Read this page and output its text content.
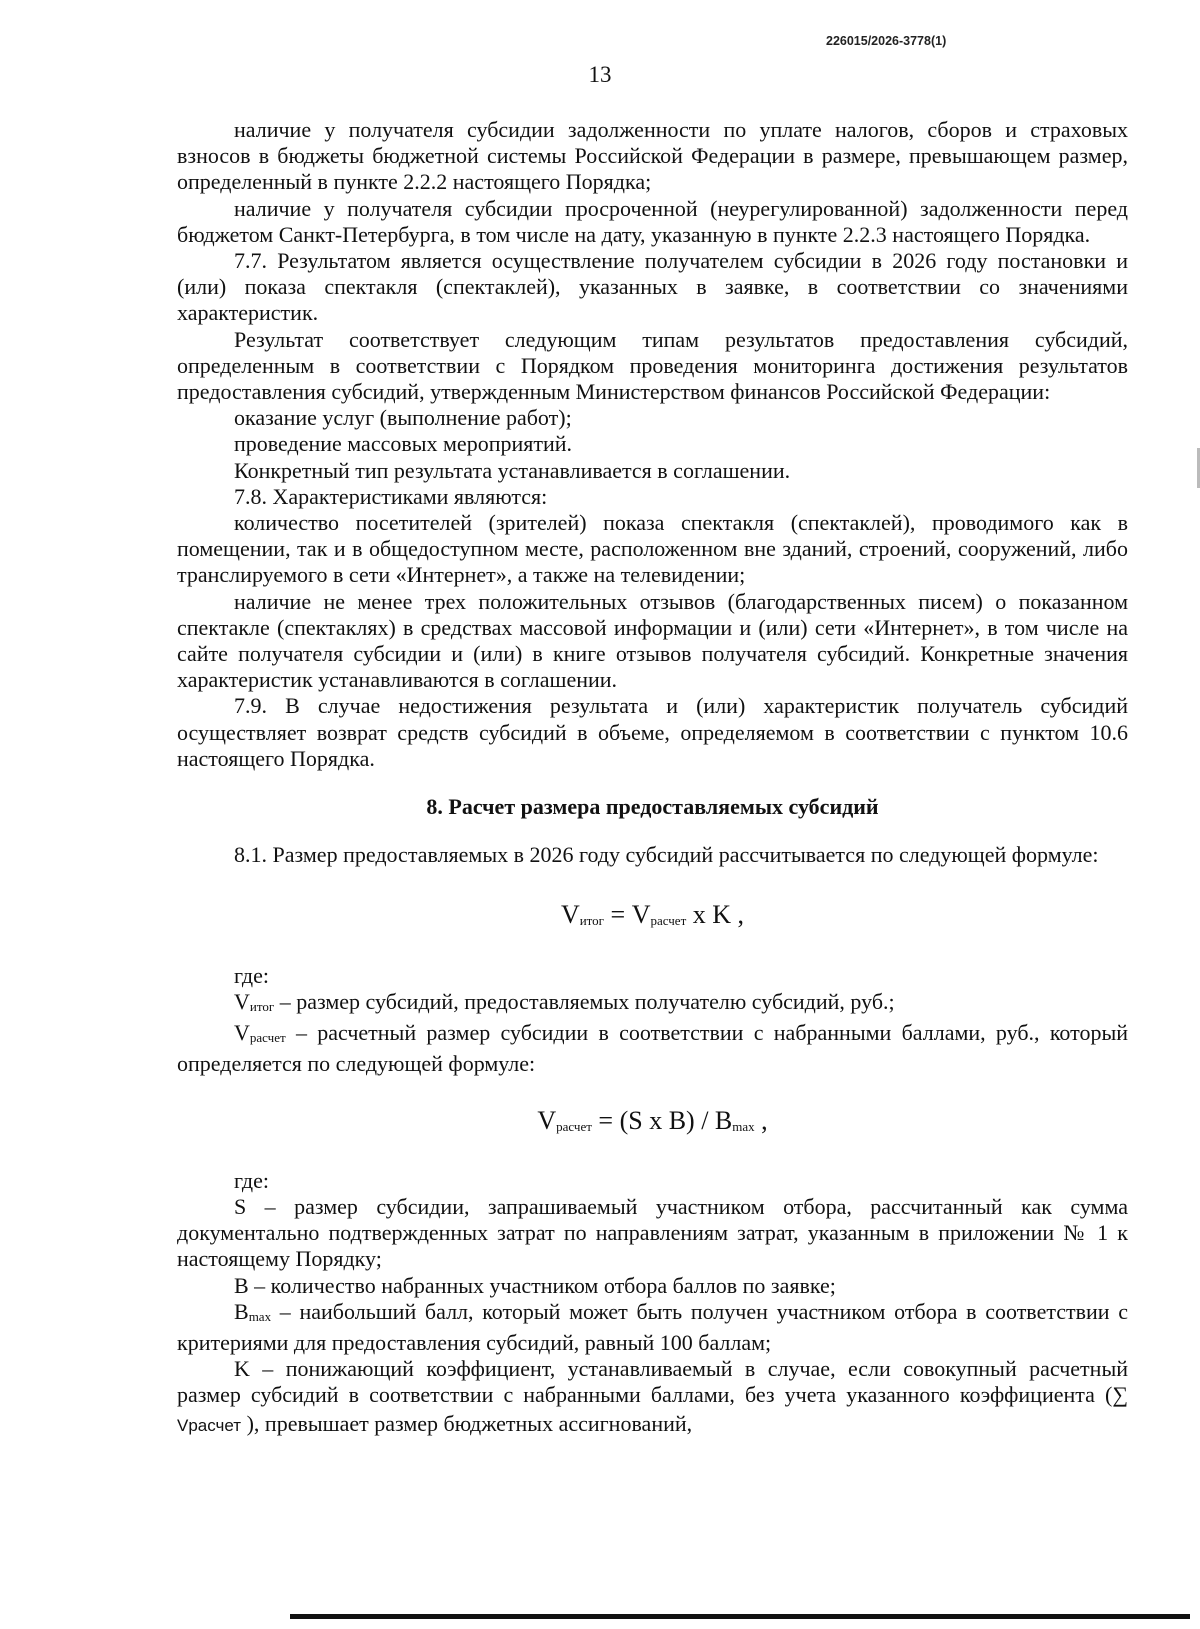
226015/2026-3778(1)
13

наличие у получателя субсидии задолженности по уплате налогов, сборов и страховых взносов в бюджеты бюджетной системы Российской Федерации в размере, превышающем размер, определенный в пункте 2.2.2 настоящего Порядка;

наличие у получателя субсидии просроченной (неурегулированной) задолженности перед бюджетом Санкт-Петербурга, в том числе на дату, указанную в пункте 2.2.3 настоящего Порядка.

7.7. Результатом является осуществление получателем субсидии в 2026 году постановки и (или) показа спектакля (спектаклей), указанных в заявке, в соответствии со значениями характеристик.

Результат соответствует следующим типам результатов предоставления субсидий, определенным в соответствии с Порядком проведения мониторинга достижения результатов предоставления субсидий, утвержденным Министерством финансов Российской Федерации:

оказание услуг (выполнение работ);

проведение массовых мероприятий.

Конкретный тип результата устанавливается в соглашении.

7.8. Характеристиками являются:

количество посетителей (зрителей) показа спектакля (спектаклей), проводимого как в помещении, так и в общедоступном месте, расположенном вне зданий, строений, сооружений, либо транслируемого в сети «Интернет», а также на телевидении;

наличие не менее трех положительных отзывов (благодарственных писем) о показанном спектакле (спектаклях) в средствах массовой информации и (или) сети «Интернет», в том числе на сайте получателя субсидии и (или) в книге отзывов получателя субсидий. Конкретные значения характеристик устанавливаются в соглашении.

7.9. В случае недостижения результата и (или) характеристик получатель субсидий осуществляет возврат средств субсидий в объеме, определяемом в соответствии с пунктом 10.6 настоящего Порядка.

8. Расчет размера предоставляемых субсидий

8.1. Размер предоставляемых в 2026 году субсидий рассчитывается по следующей формуле:

$V_{итог} = V_{расчет}$ х K ,

где:

Vитог – размер субсидий, предоставляемых получателю субсидий, руб.;

Vрасчет – расчетный размер субсидии в соответствии с набранными баллами, руб., который определяется по следующей формуле:

$V_{расчет} = (S$ х $B) / B_{max}$ ,

где:

S – размер субсидии, запрашиваемый участником отбора, рассчитанный как сумма документально подтвержденных затрат по направлениям затрат, указанным в приложении № 1 к настоящему Порядку;

B – количество набранных участником отбора баллов по заявке;

Bmax – наибольший балл, который может быть получен участником отбора в соответствии с критериями для предоставления субсидий, равный 100 баллам;

K – понижающий коэффициент, устанавливаемый в случае, если совокупный расчетный размер субсидий в соответствии с набранными баллами, без учета указанного коэффициента (∑ Vрасчет ), превышает размер бюджетных ассигнований,
